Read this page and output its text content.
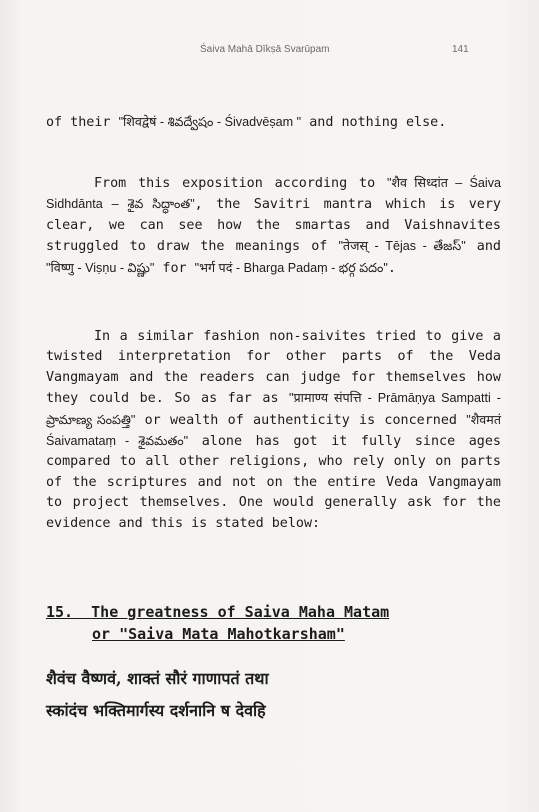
Śaiva Mahā Dīkṣā Svarūpam	141

of their "शिवद्वेषं - శివద్వేషం - Śivadvēṣam " and nothing else.

From this exposition according to "शैव सिध्दांत – Śaiva Sidhdānta – శైవ సిద్ధాంత", the Savitri mantra which is very clear, we can see how the smartas and Vaishnavites struggled to draw the meanings of "तेजस् - Tējas - తేజస్" and "विष्णु - Viṣṇu - విష్ణు" for "भर्ग पदं - Bharga Padaṃ - భర్గ పదం".

In a similar fashion non-saivites tried to give a twisted interpretation for other parts of the Veda Vangmayam and the readers can judge for themselves how they could be. So as far as "प्रामाण्य संपत्ति - Prāmāṇya Sampatti - ప్రామాణ్య సంపత్తి" or wealth of authenticity is concerned "शैवमतं Śaivamataṃ - శైవమతం" alone has got it fully since ages compared to all other religions, who rely only on parts of the scriptures and not on the entire Veda Vangmayam to project themselves. One would generally ask for the evidence and this is stated below:

15. The greatness of Saiva Maha Matam
or "Saiva Mata Mahotkarsham"
शैवंच वैष्णवं, शाक्तं सौरं गाणापतं तथा
स्कांदंच भक्तिमार्गस्य दर्शनानि ष देवहि
